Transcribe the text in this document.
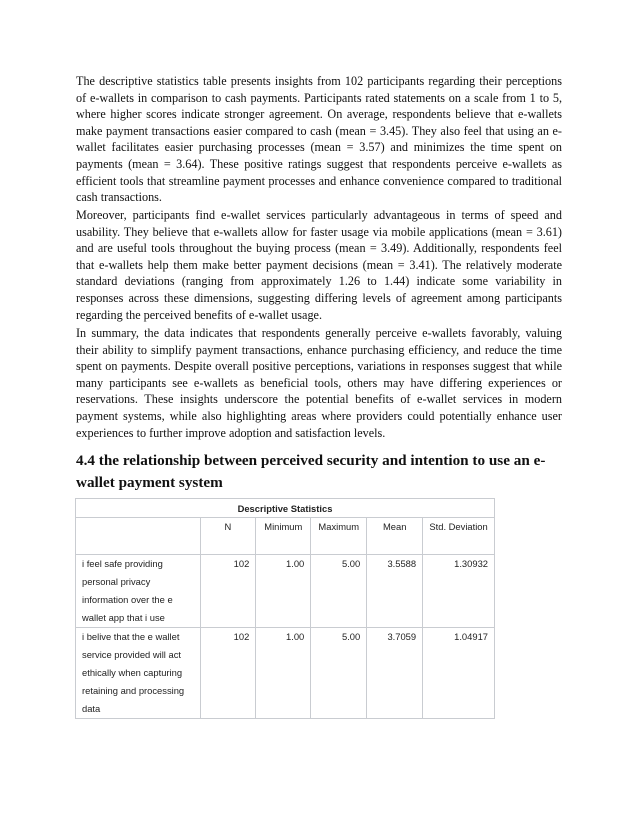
The descriptive statistics table presents insights from 102 participants regarding their perceptions of e-wallets in comparison to cash payments. Participants rated statements on a scale from 1 to 5, where higher scores indicate stronger agreement. On average, respondents believe that e-wallets make payment transactions easier compared to cash (mean = 3.45). They also feel that using an e-wallet facilitates easier purchasing processes (mean = 3.57) and minimizes the time spent on payments (mean = 3.64). These positive ratings suggest that respondents perceive e-wallets as efficient tools that streamline payment processes and enhance convenience compared to traditional cash transactions.

Moreover, participants find e-wallet services particularly advantageous in terms of speed and usability. They believe that e-wallets allow for faster usage via mobile applications (mean = 3.61) and are useful tools throughout the buying process (mean = 3.49). Additionally, respondents feel that e-wallets help them make better payment decisions (mean = 3.41). The relatively moderate standard deviations (ranging from approximately 1.26 to 1.44) indicate some variability in responses across these dimensions, suggesting differing levels of agreement among participants regarding the perceived benefits of e-wallet usage.

In summary, the data indicates that respondents generally perceive e-wallets favorably, valuing their ability to simplify payment transactions, enhance purchasing efficiency, and reduce the time spent on payments. Despite overall positive perceptions, variations in responses suggest that while many participants see e-wallets as beneficial tools, others may have differing experiences or reservations. These insights underscore the potential benefits of e-wallet services in modern payment systems, while also highlighting areas where providers could potentially enhance user experiences to further improve adoption and satisfaction levels.

4.4 the relationship between perceived security and intention to use an e-wallet payment system
Descriptive Statistics					
	N	Minimum	Maximum	Mean	Std. Deviation
i feel safe providing personal privacy information over the e wallet app that i use	102	1.00	5.00	3.5588	1.30932
i belive that the e wallet service provided will act ethically when capturing retaining and processing data	102	1.00	5.00	3.7059	1.04917
